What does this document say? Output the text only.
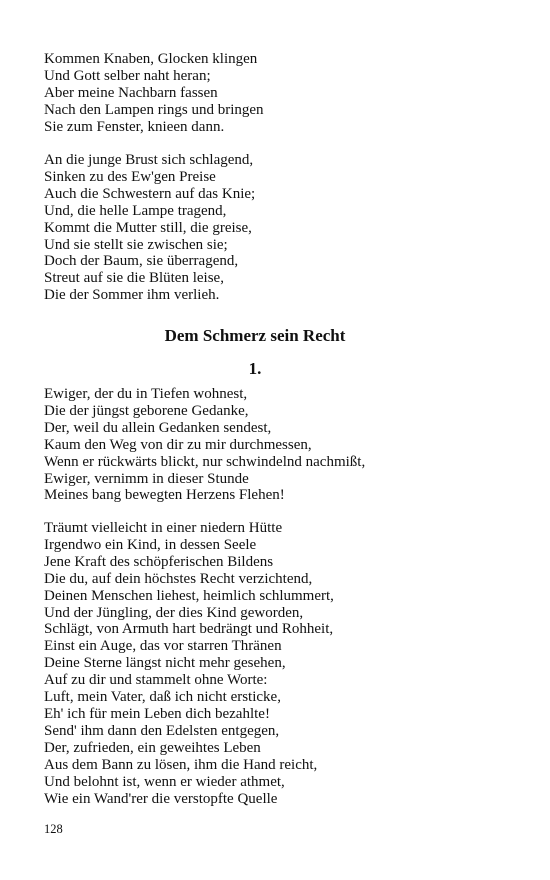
Kommen Knaben, Glocken klingen
Und Gott selber naht heran;
Aber meine Nachbarn fassen
Nach den Lampen rings und bringen
Sie zum Fenster, knieen dann.
An die junge Brust sich schlagend,
Sinken zu des Ew'gen Preise
Auch die Schwestern auf das Knie;
Und, die helle Lampe tragend,
Kommt die Mutter still, die greise,
Und sie stellt sie zwischen sie;
Doch der Baum, sie überragend,
Streut auf sie die Blüten leise,
Die der Sommer ihm verlieh.
Dem Schmerz sein Recht
1.
Ewiger, der du in Tiefen wohnest,
Die der jüngst geborene Gedanke,
Der, weil du allein Gedanken sendest,
Kaum den Weg von dir zu mir durchmessen,
Wenn er rückwärts blickt, nur schwindelnd nachmißt,
Ewiger, vernimm in dieser Stunde
Meines bang bewegten Herzens Flehen!
Träumt vielleicht in einer niedern Hütte
Irgendwo ein Kind, in dessen Seele
Jene Kraft des schöpferischen Bildens
Die du, auf dein höchstes Recht verzichtend,
Deinen Menschen liehest, heimlich schlummert,
Und der Jüngling, der dies Kind geworden,
Schlägt, von Armuth hart bedrängt und Rohheit,
Einst ein Auge, das vor starren Thränen
Deine Sterne längst nicht mehr gesehen,
Auf zu dir und stammelt ohne Worte:
Luft, mein Vater, daß ich nicht ersticke,
Eh' ich für mein Leben dich bezahlte!
Send' ihm dann den Edelsten entgegen,
Der, zufrieden, ein geweihtes Leben
Aus dem Bann zu lösen, ihm die Hand reicht,
Und belohnt ist, wenn er wieder athmet,
Wie ein Wand'rer die verstopfte Quelle
128
